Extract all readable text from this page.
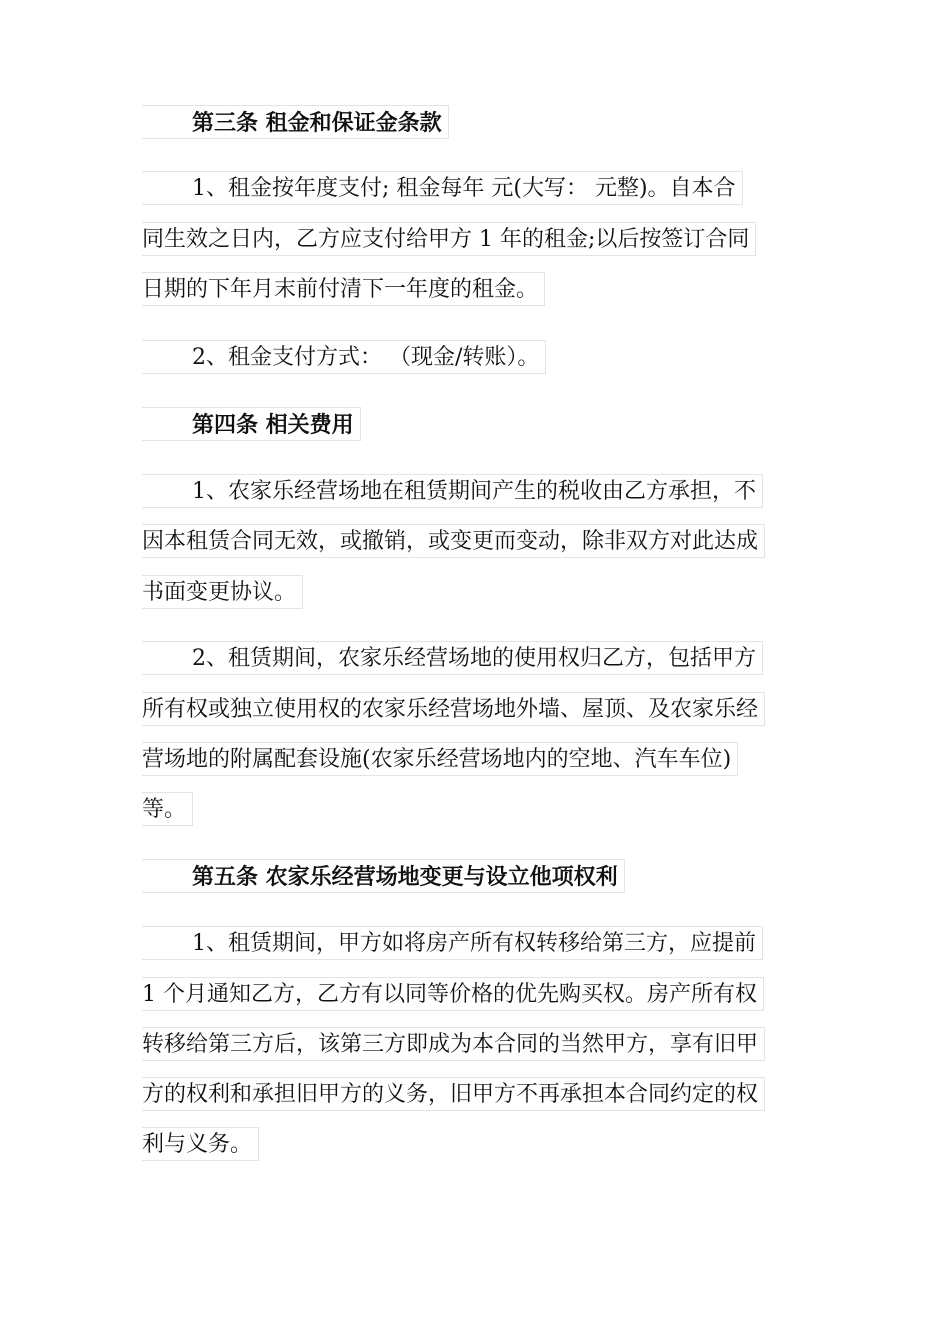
第三条 租金和保证金条款
1、租金按年度支付; 租金每年 元(大写： 元整)。自本合
同生效之日内，乙方应支付给甲方 1 年的租金;以后按签订合同
日期的下年月末前付清下一年度的租金。
2、租金支付方式： （现金/转账）。
第四条 相关费用
1、农家乐经营场地在租赁期间产生的税收由乙方承担，不
因本租赁合同无效，或撤销，或变更而变动，除非双方对此达成
书面变更协议。
2、租赁期间，农家乐经营场地的使用权归乙方，包括甲方
所有权或独立使用权的农家乐经营场地外墙、屋顶、及农家乐经
营场地的附属配套设施(农家乐经营场地内的空地、汽车车位)
等。
第五条 农家乐经营场地变更与设立他项权利
1、租赁期间，甲方如将房产所有权转移给第三方，应提前
1 个月通知乙方，乙方有以同等价格的优先购买权。房产所有权
转移给第三方后，该第三方即成为本合同的当然甲方，享有旧甲
方的权利和承担旧甲方的义务，旧甲方不再承担本合同约定的权
利与义务。
